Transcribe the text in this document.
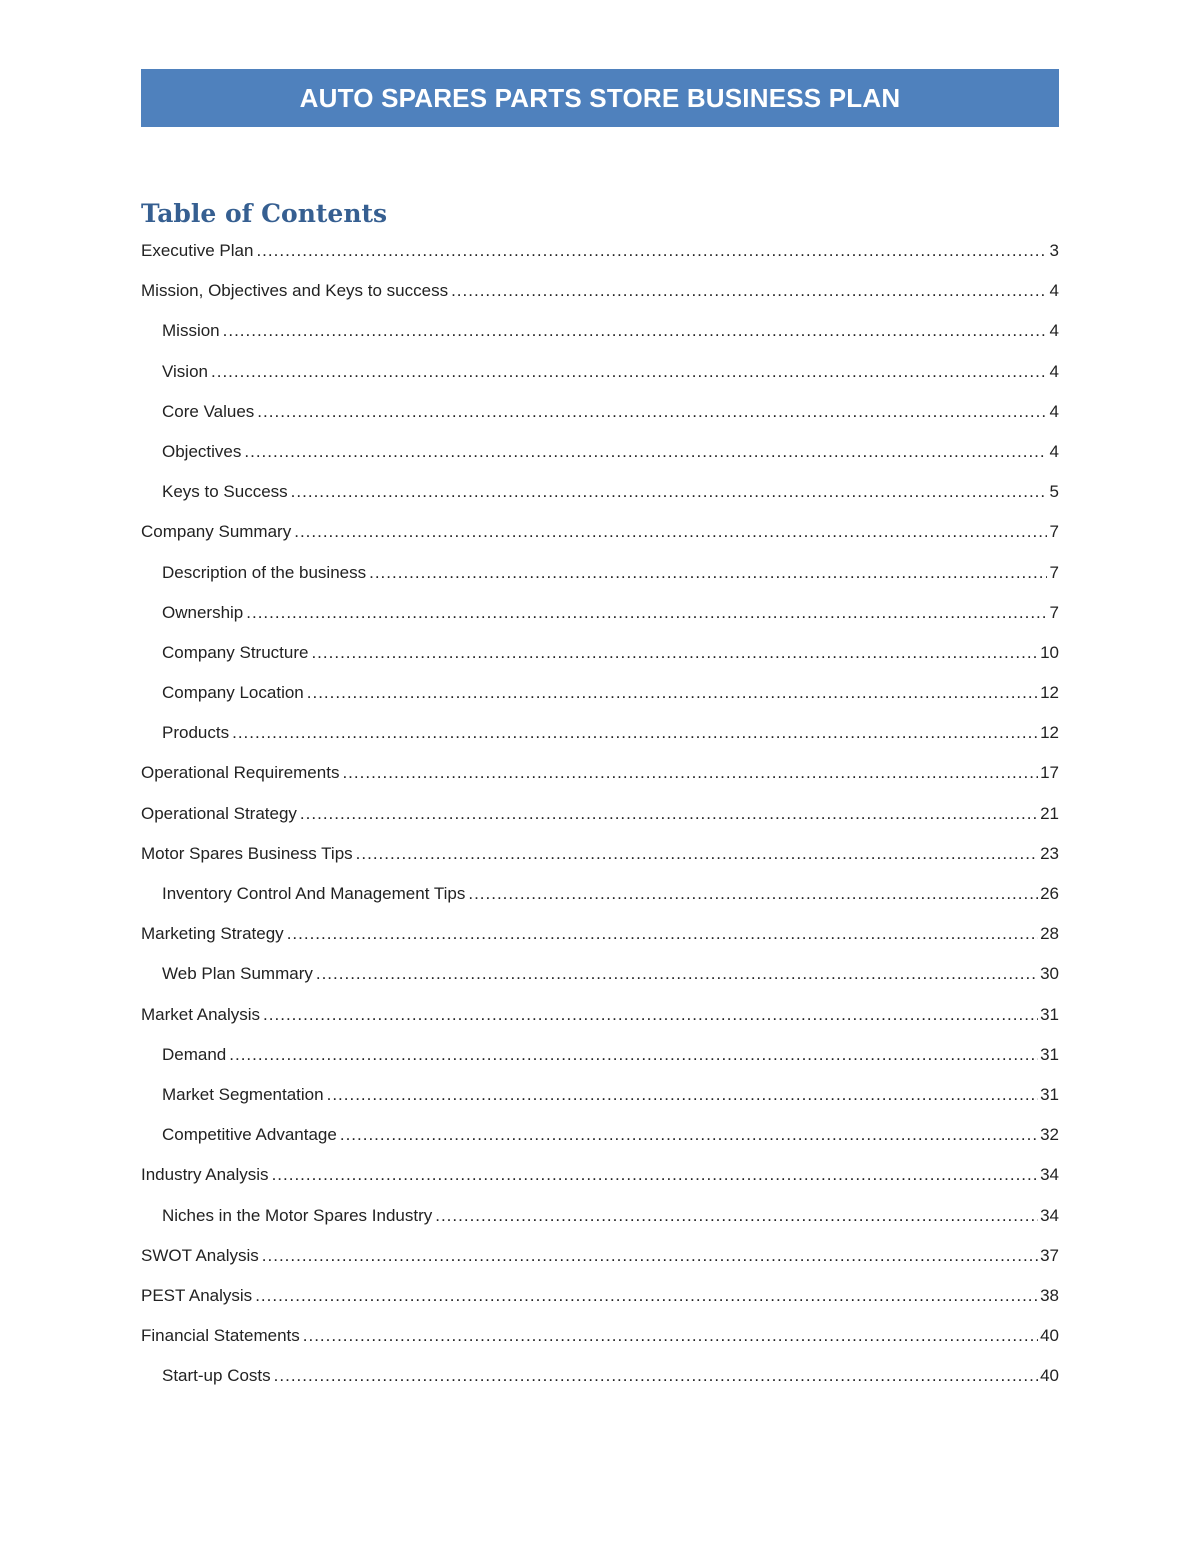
AUTO SPARES PARTS STORE BUSINESS PLAN
Table of Contents
Executive Plan .....	3
Mission, Objectives and Keys to success .....	4
Mission .....	4
Vision .....	4
Core Values .....	4
Objectives .....	4
Keys to Success .....	5
Company Summary .....	7
Description of the business .....	7
Ownership .....	7
Company Structure .....	10
Company Location .....	12
Products .....	12
Operational Requirements .....	17
Operational Strategy .....	21
Motor Spares Business Tips .....	23
Inventory Control And Management Tips .....	26
Marketing Strategy .....	28
Web Plan Summary .....	30
Market Analysis .....	31
Demand .....	31
Market Segmentation .....	31
Competitive Advantage .....	32
Industry Analysis .....	34
Niches in the Motor Spares Industry .....	34
SWOT Analysis .....	37
PEST Analysis .....	38
Financial Statements .....	40
Start-up Costs .....	40
